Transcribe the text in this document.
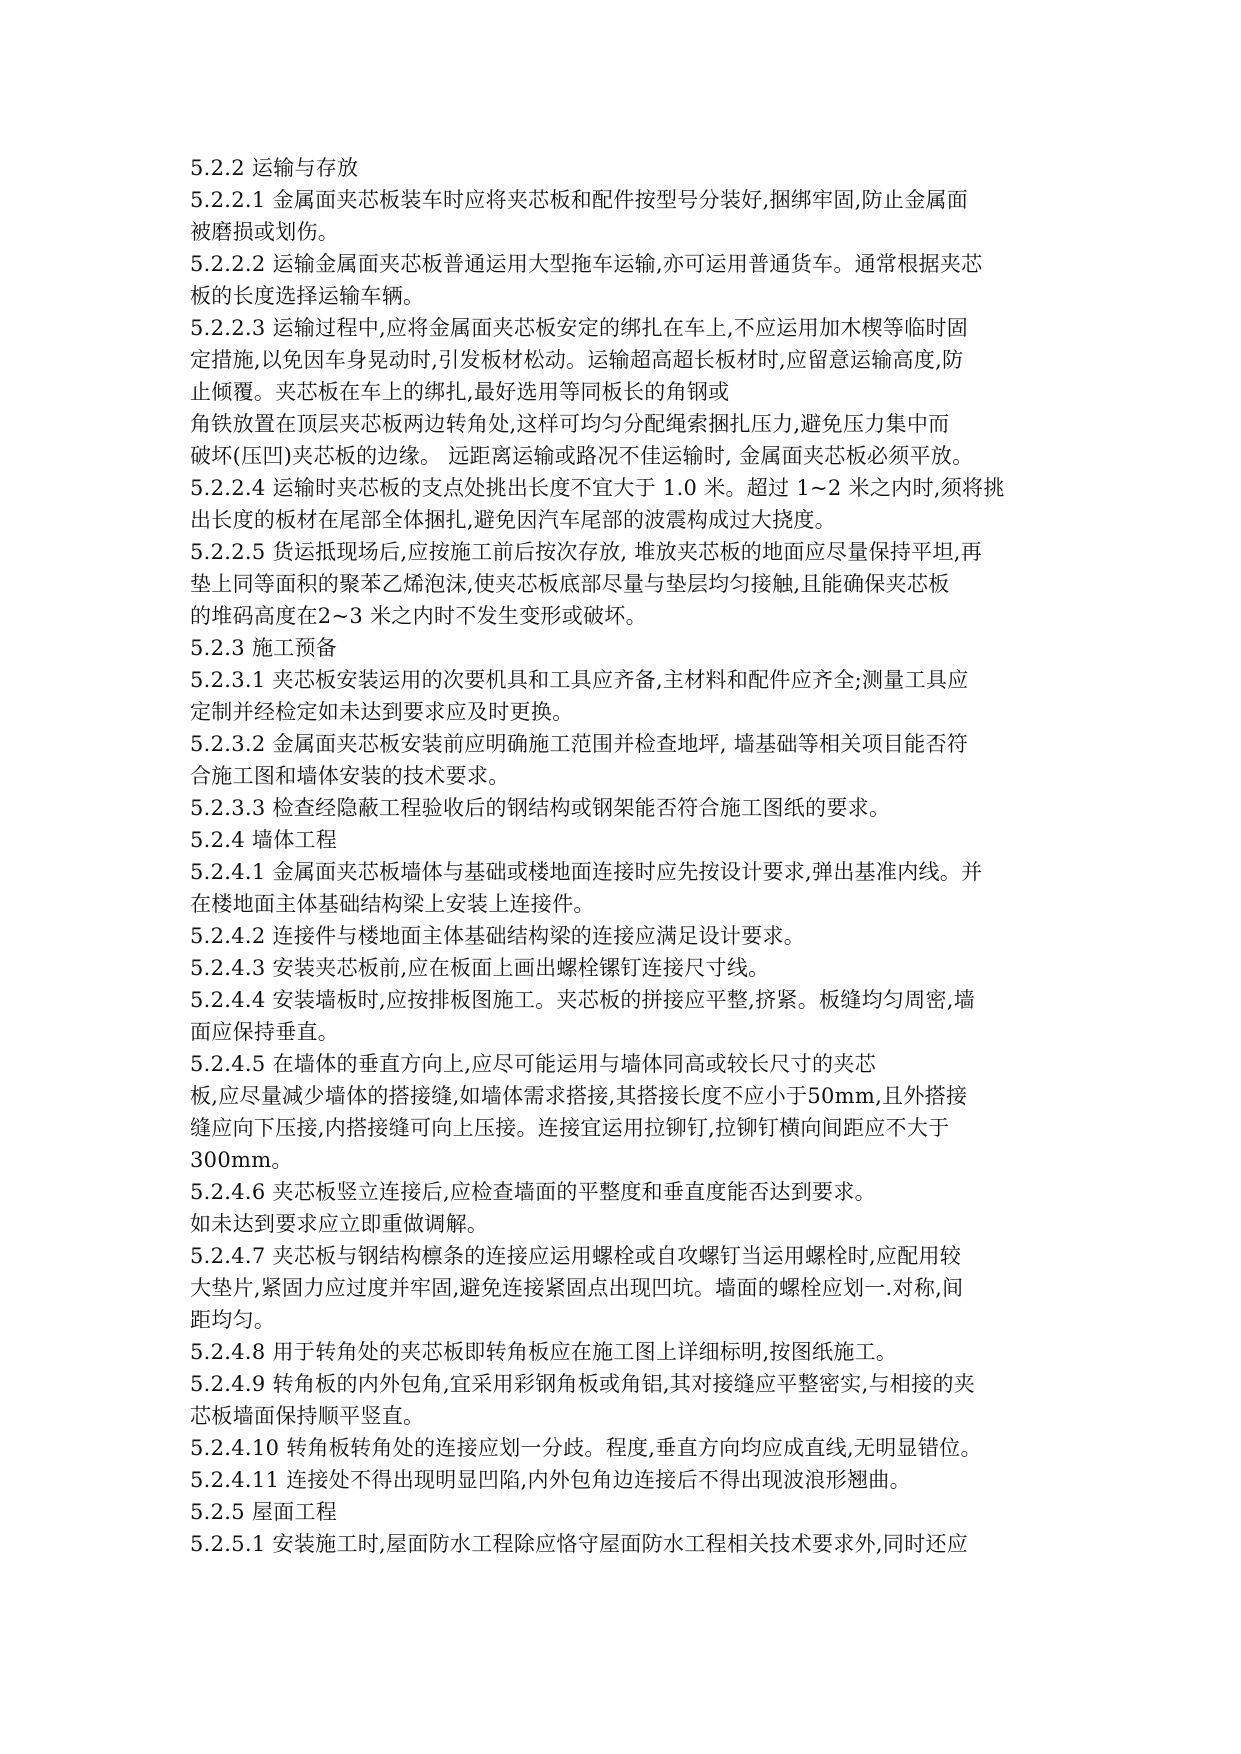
5.2.2 运输与存放
5.2.2.1 金属面夹芯板装车时应将夹芯板和配件按型号分装好,捆绑牢固,防止金属面
被磨损或划伤。
5.2.2.2 运输金属面夹芯板普通运用大型拖车运输,亦可运用普通货车。通常根据夹芯
板的长度选择运输车辆。
5.2.2.3 运输过程中,应将金属面夹芯板安定的绑扎在车上,不应运用加木楔等临时固
定措施,以免因车身晃动时,引发板材松动。运输超高超长板材时,应留意运输高度,防
止倾覆。夹芯板在车上的绑扎,最好选用等同板长的角钢或
角铁放置在顶层夹芯板两边转角处,这样可均匀分配绳索捆扎压力,避免压力集中而
破坏(压凹)夹芯板的边缘。 远距离运输或路况不佳运输时, 金属面夹芯板必须平放。
5.2.2.4 运输时夹芯板的支点处挑出长度不宜大于 1.0 米。超过 1~2 米之内时,须将挑
出长度的板材在尾部全体捆扎,避免因汽车尾部的波震构成过大挠度。
5.2.2.5 货运抵现场后,应按施工前后按次存放, 堆放夹芯板的地面应尽量保持平坦,再
垫上同等面积的聚苯乙烯泡沫,使夹芯板底部尽量与垫层均匀接触,且能确保夹芯板
的堆码高度在2~3 米之内时不发生变形或破坏。
5.2.3 施工预备
5.2.3.1 夹芯板安装运用的次要机具和工具应齐备,主材料和配件应齐全;测量工具应
定制并经检定如未达到要求应及时更换。
5.2.3.2 金属面夹芯板安装前应明确施工范围并检查地坪, 墙基础等相关项目能否符
合施工图和墙体安装的技术要求。
5.2.3.3 检查经隐蔽工程验收后的钢结构或钢架能否符合施工图纸的要求。
5.2.4 墙体工程
5.2.4.1 金属面夹芯板墙体与基础或楼地面连接时应先按设计要求,弹出基准内线。并
在楼地面主体基础结构梁上安装上连接件。
5.2.4.2 连接件与楼地面主体基础结构梁的连接应满足设计要求。
5.2.4.3 安装夹芯板前,应在板面上画出螺栓镙钉连接尺寸线。
5.2.4.4 安装墙板时,应按排板图施工。夹芯板的拼接应平整,挤紧。板缝均匀周密,墙
面应保持垂直。
5.2.4.5 在墙体的垂直方向上,应尽可能运用与墙体同高或较长尺寸的夹芯
板,应尽量减少墙体的搭接缝,如墙体需求搭接,其搭接长度不应小于50mm,且外搭接
缝应向下压接,内搭接缝可向上压接。连接宜运用拉铆钉,拉铆钉横向间距应不大于
300mm。
5.2.4.6 夹芯板竖立连接后,应检查墙面的平整度和垂直度能否达到要求。
如未达到要求应立即重做调解。
5.2.4.7 夹芯板与钢结构檩条的连接应运用螺栓或自攻螺钉当运用螺栓时,应配用较
大垫片,紧固力应过度并牢固,避免连接紧固点出现凹坑。墙面的螺栓应划一.对称,间
距均匀。
5.2.4.8 用于转角处的夹芯板即转角板应在施工图上详细标明,按图纸施工。
5.2.4.9 转角板的内外包角,宜采用彩钢角板或角铝,其对接缝应平整密实,与相接的夹
芯板墙面保持顺平竖直。
5.2.4.10 转角板转角处的连接应划一分歧。程度,垂直方向均应成直线,无明显错位。
5.2.4.11 连接处不得出现明显凹陷,内外包角边连接后不得出现波浪形翘曲。
5.2.5 屋面工程
5.2.5.1 安装施工时,屋面防水工程除应恪守屋面防水工程相关技术要求外,同时还应
